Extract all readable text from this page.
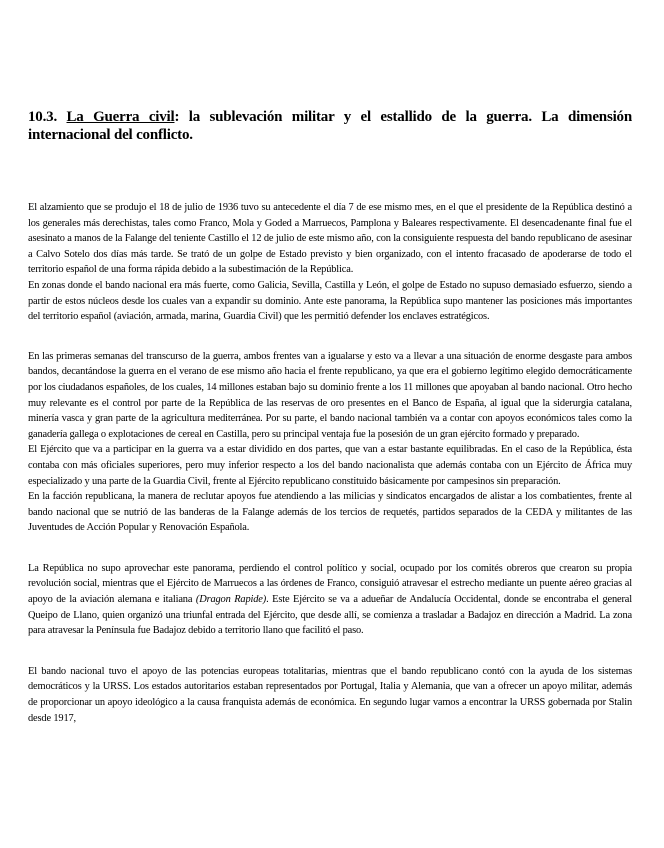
10.3. La Guerra civil: la sublevación militar y el estallido de la guerra. La dimensión internacional del conflicto.

El alzamiento que se produjo el 18 de julio de 1936 tuvo su antecedente el día 7 de ese mismo mes, en el que el presidente de la República destinó a los generales más derechistas, tales como Franco, Mola y Goded a Marruecos, Pamplona y Baleares respectivamente. El desencadenante final fue el asesinato a manos de la Falange del teniente Castillo el 12 de julio de este mismo año, con la consiguiente respuesta del bando republicano de asesinar a Calvo Sotelo dos días más tarde. Se trató de un golpe de Estado previsto y bien organizado, con el intento fracasado de apoderarse de todo el territorio español de una forma rápida debido a la subestimación de la República.

En zonas donde el bando nacional era más fuerte, como Galicia, Sevilla, Castilla y León, el golpe de Estado no supuso demasiado esfuerzo, siendo a partir de estos núcleos desde los cuales van a expandir su dominio. Ante este panorama, la República supo mantener las posiciones más importantes del territorio español (aviación, armada, marina, Guardia Civil) que les permitió defender los enclaves estratégicos.

En las primeras semanas del transcurso de la guerra, ambos frentes van a igualarse y esto va a llevar a una situación de enorme desgaste para ambos bandos, decantándose la guerra en el verano de ese mismo año hacia el frente republicano, ya que era el gobierno legítimo elegido democráticamente por los ciudadanos españoles, de los cuales, 14 millones estaban bajo su dominio frente a los 11 millones que apoyaban al bando nacional. Otro hecho muy relevante es el control por parte de la República de las reservas de oro presentes en el Banco de España, al igual que la siderurgia catalana, minería vasca y gran parte de la agricultura mediterránea. Por su parte, el bando nacional también va a contar con apoyos económicos tales como la ganadería gallega o explotaciones de cereal en Castilla, pero su principal ventaja fue la posesión de un gran ejército formado y preparado.

El Ejército que va a participar en la guerra va a estar dividido en dos partes, que van a estar bastante equilibradas. En el caso de la República, ésta contaba con más oficiales superiores, pero muy inferior respecto a los del bando nacionalista que además contaba con un Ejército de África muy especializado y una parte de la Guardia Civil, frente al Ejército republicano constituido básicamente por campesinos sin preparación.

En la facción republicana, la manera de reclutar apoyos fue atendiendo a las milicias y sindicatos encargados de alistar a los combatientes, frente al bando nacional que se nutrió de las banderas de la Falange además de los tercios de requetés, partidos separados de la CEDA y militantes de las Juventudes de Acción Popular y Renovación Española.

La República no supo aprovechar este panorama, perdiendo el control político y social, ocupado por los comités obreros que crearon su propia revolución social, mientras que el Ejército de Marruecos a las órdenes de Franco, consiguió atravesar el estrecho mediante un puente aéreo gracias al apoyo de la aviación alemana e italiana (Dragon Rapide). Este Ejército se va a adueñar de Andalucía Occidental, donde se encontraba el general Queipo de Llano, quien organizó una triunfal entrada del Ejército, que desde allí, se comienza a trasladar a Badajoz en dirección a Madrid. La zona para atravesar la Península fue Badajoz debido a territorio llano que facilitó el paso.

El bando nacional tuvo el apoyo de las potencias europeas totalitarias, mientras que el bando republicano contó con la ayuda de los sistemas democráticos y la URSS. Los estados autoritarios estaban representados por Portugal, Italia y Alemania, que van a ofrecer un apoyo militar, además de proporcionar un apoyo ideológico a la causa franquista además de económica. En segundo lugar vamos a encontrar la URSS gobernada por Stalin desde 1917,
